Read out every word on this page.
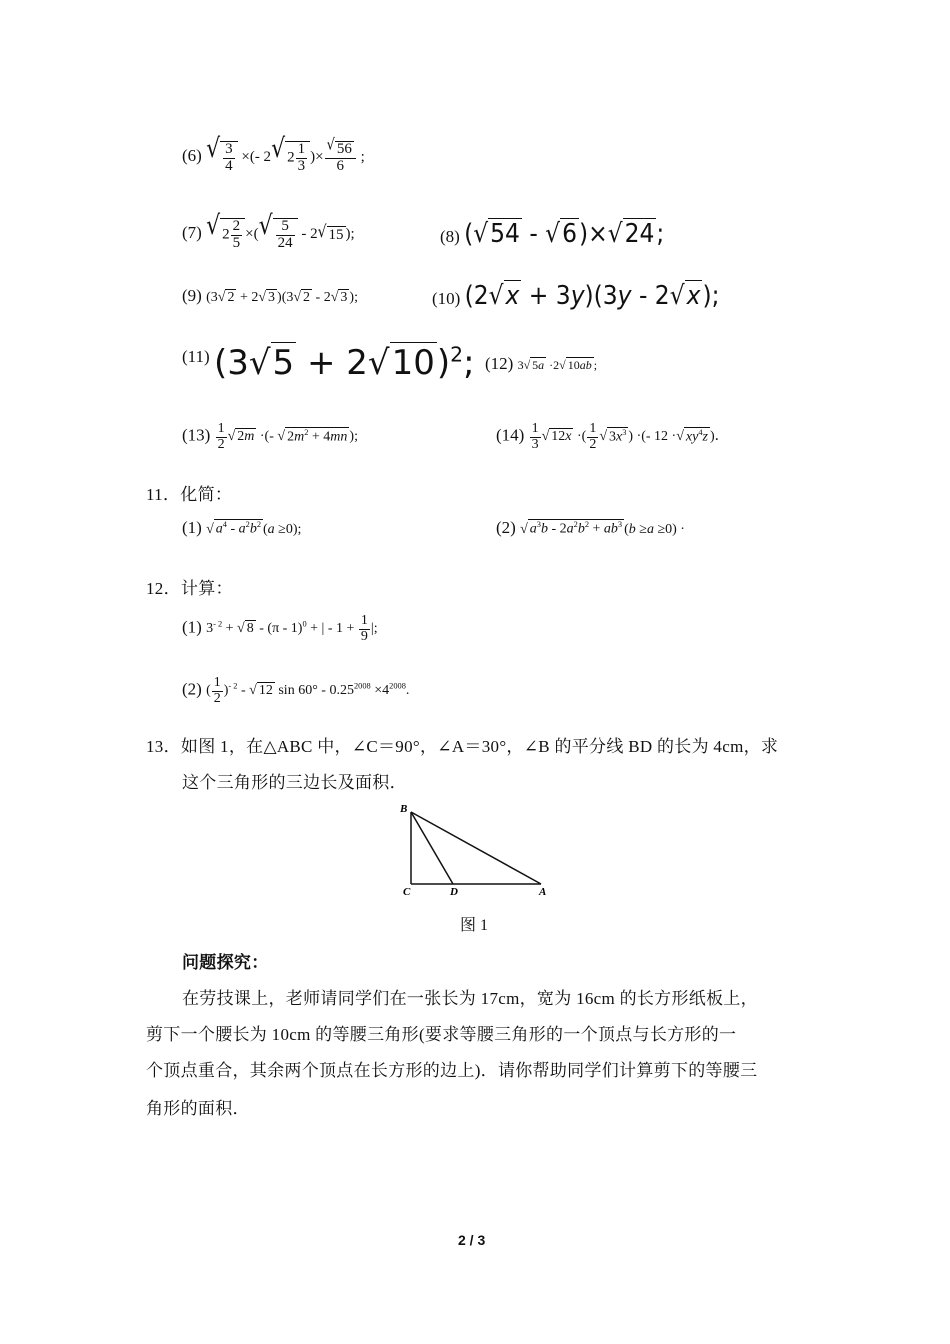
(6) √ $\frac{3}{4}$ ×(- 2 √ $2 \frac{1}{3}$ )× $\frac{√ 56}{6}$ ;
(7) √ $2 \frac{2}{5}$ ×( √ $\frac{5}{24} - 2$ √ 15 );	(8) (√54 - √6)×√24;
(9) (3√ 2 + 2√ 3 )(3√ 2 - 2√ 3 );	(10) (2√x + 3y)(3y - 2√x);
(11) $(3√5 + 2√10)^2$; (12) 3√ 5a ·2√ 10ab ;
$(13) \frac{1}{2}$ √ 2m ·(- √ $2m^2 + 4mn$ );	$(14) \frac{1}{3}$ √ 12x ·( $\frac{1}{2}$ √ $3x^3$ ) ·(- 12 ·√ $xy^4z$ )．
11．化简：
(1) √ $a^4 - a^2b^2$ (a ≥0);	(2) √ $a^3b - 2a^2b^2 + ab^3$ (b ≥a ≥0) ·
12．计算：
(1) $3^{- 2}$ + √ 8 - (π - 1)$^0$ + | - $1 + \frac{1}{9}$ |;
(2) ( $\frac{1}{2} )^{- 2}$ - √ 12 $\sin 60^\circ - 0.25^{2008} \times 4^{2008}$.
13．如图 1，在△ABC 中，∠C＝90°，∠A＝30°，∠B 的平分线 BD 的长为 4cm，求
这个三角形的三边长及面积．
B
C	D	A
图 1
问题探究：
在劳技课上，老师请同学们在一张长为 17cm，宽为 16cm 的长方形纸板上，
剪下一个腰长为 10cm 的等腰三角形(要求等腰三角形的一个顶点与长方形的一
个顶点重合，其余两个顶点在长方形的边上)．请你帮助同学们计算剪下的等腰三
角形的面积．
2 / 3
